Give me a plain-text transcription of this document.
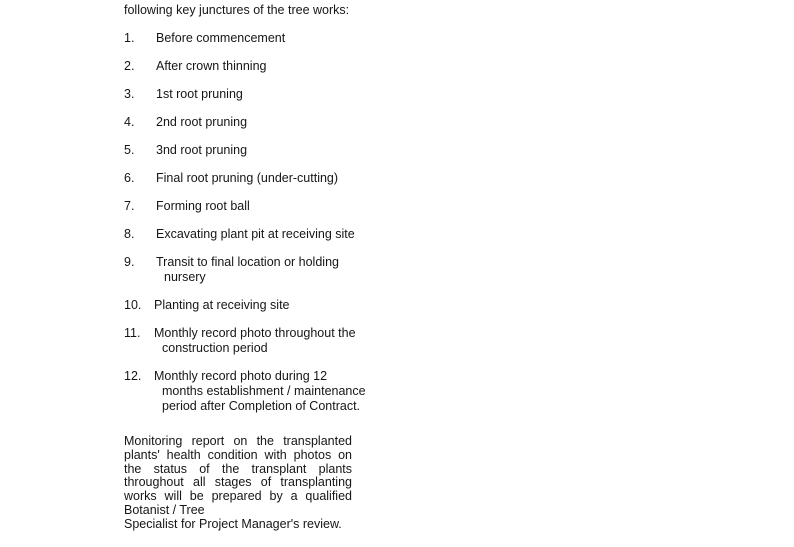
following key junctures of the tree works:

1.	Before commencement
2.	After crown thinning
3.	1st root pruning
4.	2nd root pruning
5.	3nd root pruning
6.	Final root pruning (under-cutting)
7.	Forming root ball
8.	Excavating plant pit at receiving site
9.	Transit to final location or holding
nursery
10.	Planting at receiving site
11.	Monthly record photo throughout the
construction period
12.	Monthly record photo during 12
months establishment / maintenance
period after Completion of Contract.
Monitoring report on the transplanted plants' health condition with photos on the status of the transplant plants throughout all stages of transplanting works will be prepared by a qualified Botanist / Tree
Specialist for Project Manager's review.
